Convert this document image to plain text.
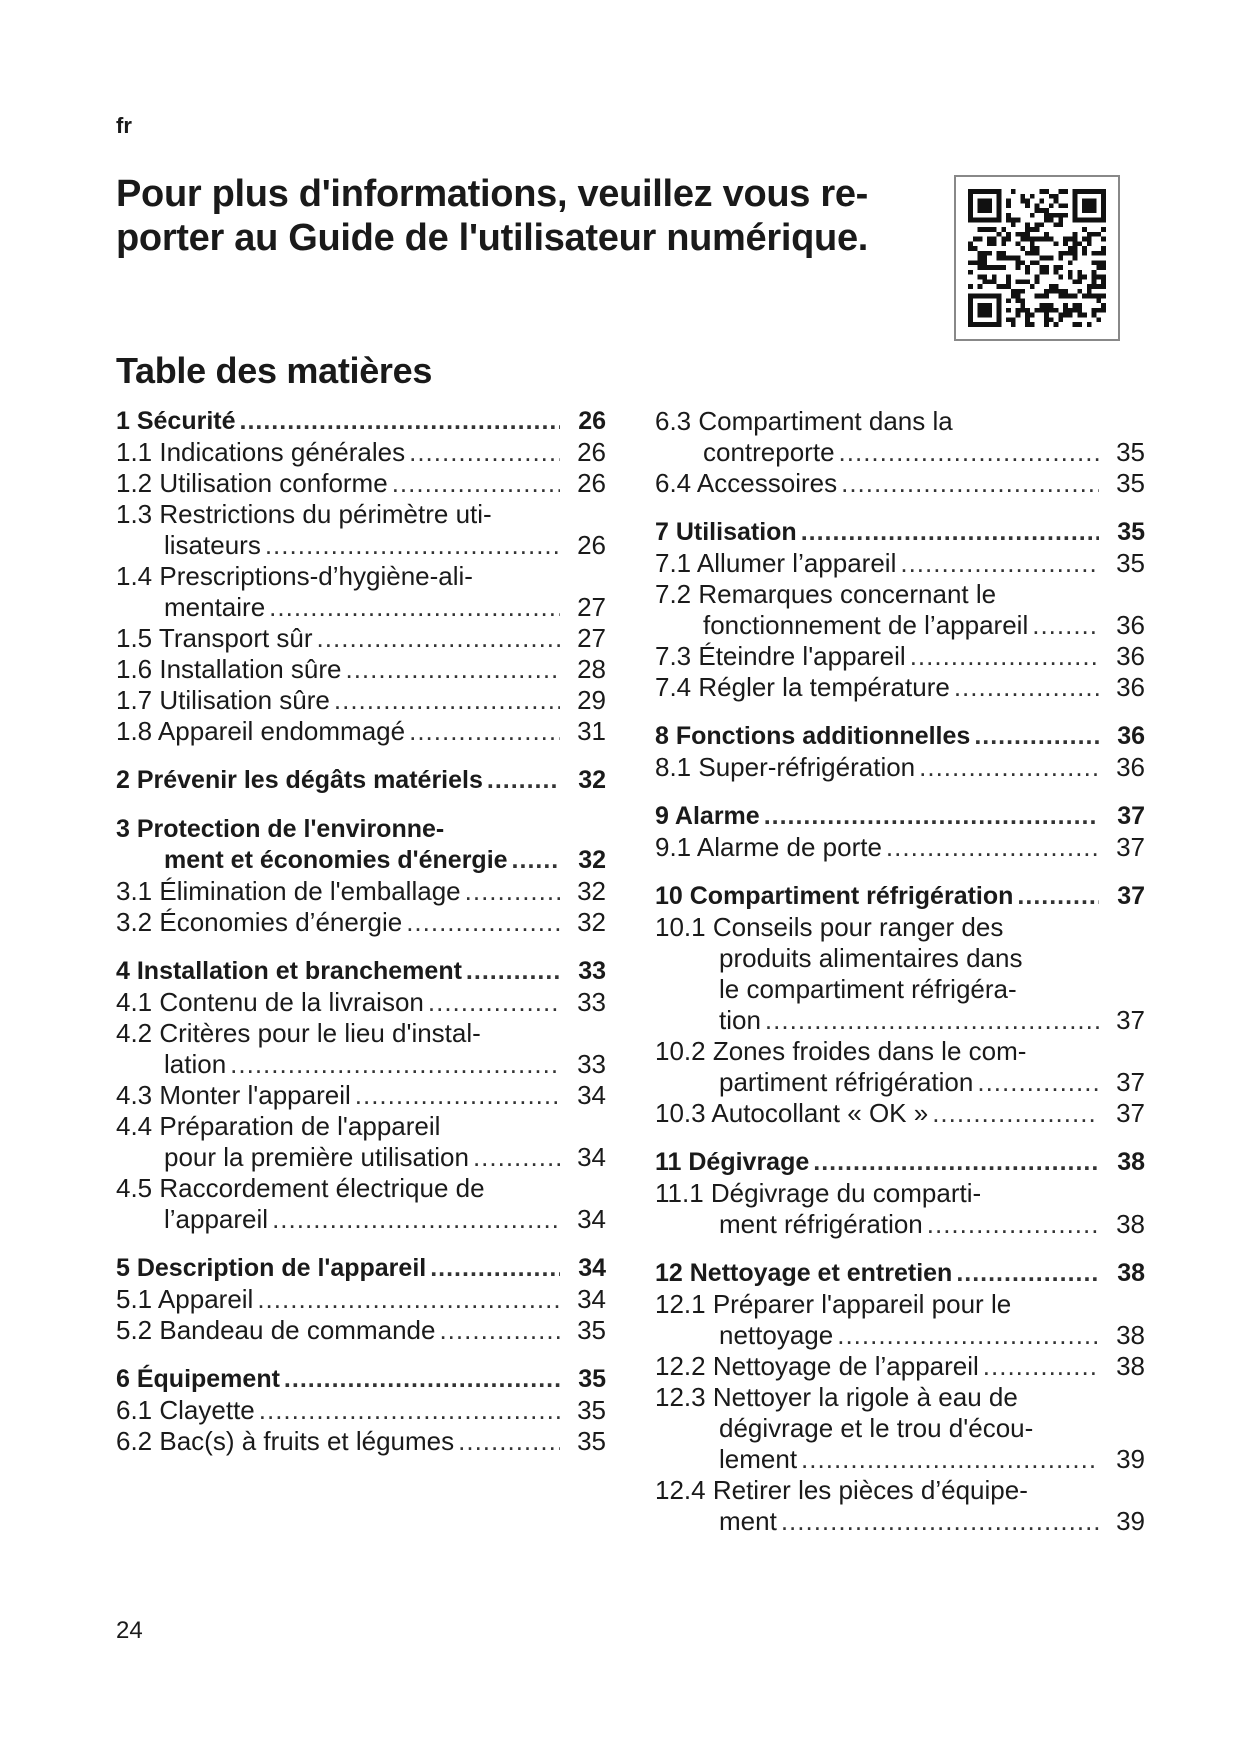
fr
Pour plus d'informations, veuillez vous re-
porter au Guide de l'utilisateur numérique.
Table des matières
1 Sécurité .....	26
1.1 Indications générales .....	26
1.2 Utilisation conforme .....	26
1.3 Restrictions du périmètre uti-
lisateurs .....	26
1.4 Prescriptions-d’hygiène-ali-
mentaire .....	27
1.5 Transport sûr .....	27
1.6 Installation sûre .....	28
1.7 Utilisation sûre .....	29
1.8 Appareil endommagé .....	31
2 Prévenir les dégâts matériels .....	32
3 Protection de l'environne-
ment et économies d'énergie .....	32
3.1 Élimination de l'emballage .....	32
3.2 Économies d’énergie .....	32
4 Installation et branchement .....	33
4.1 Contenu de la livraison .....	33
4.2 Critères pour le lieu d'instal-
lation .....	33
4.3 Monter l'appareil .....	34
4.4 Préparation de l'appareil
pour la première utilisation .....	34
4.5 Raccordement électrique de
l’appareil .....	34
5 Description de l'appareil .....	34
5.1 Appareil .....	34
5.2 Bandeau de commande .....	35
6 Équipement .....	35
6.1 Clayette .....	35
6.2 Bac(s) à fruits et légumes .....	35
6.3 Compartiment dans la
contreporte .....	35
6.4 Accessoires .....	35
7 Utilisation .....	35
7.1 Allumer l’appareil .....	35
7.2 Remarques concernant le
fonctionnement de l’appareil .....	36
7.3 Éteindre l'appareil .....	36
7.4 Régler la température .....	36
8 Fonctions additionnelles .....	36
8.1 Super-réfrigération .....	36
9 Alarme .....	37
9.1 Alarme de porte .....	37
10 Compartiment réfrigération .....	37
10.1 Conseils pour ranger des
produits alimentaires dans
le compartiment réfrigéra-
tion .....	37
10.2 Zones froides dans le com-
partiment réfrigération .....	37
10.3 Autocollant « OK » .....	37
11 Dégivrage .....	38
11.1 Dégivrage du comparti-
ment réfrigération .....	38
12 Nettoyage et entretien .....	38
12.1 Préparer l'appareil pour le
nettoyage .....	38
12.2 Nettoyage de l’appareil .....	38
12.3 Nettoyer la rigole à eau de
dégivrage et le trou d'écou-
lement .....	39
12.4 Retirer les pièces d’équipe-
ment .....	39
24
